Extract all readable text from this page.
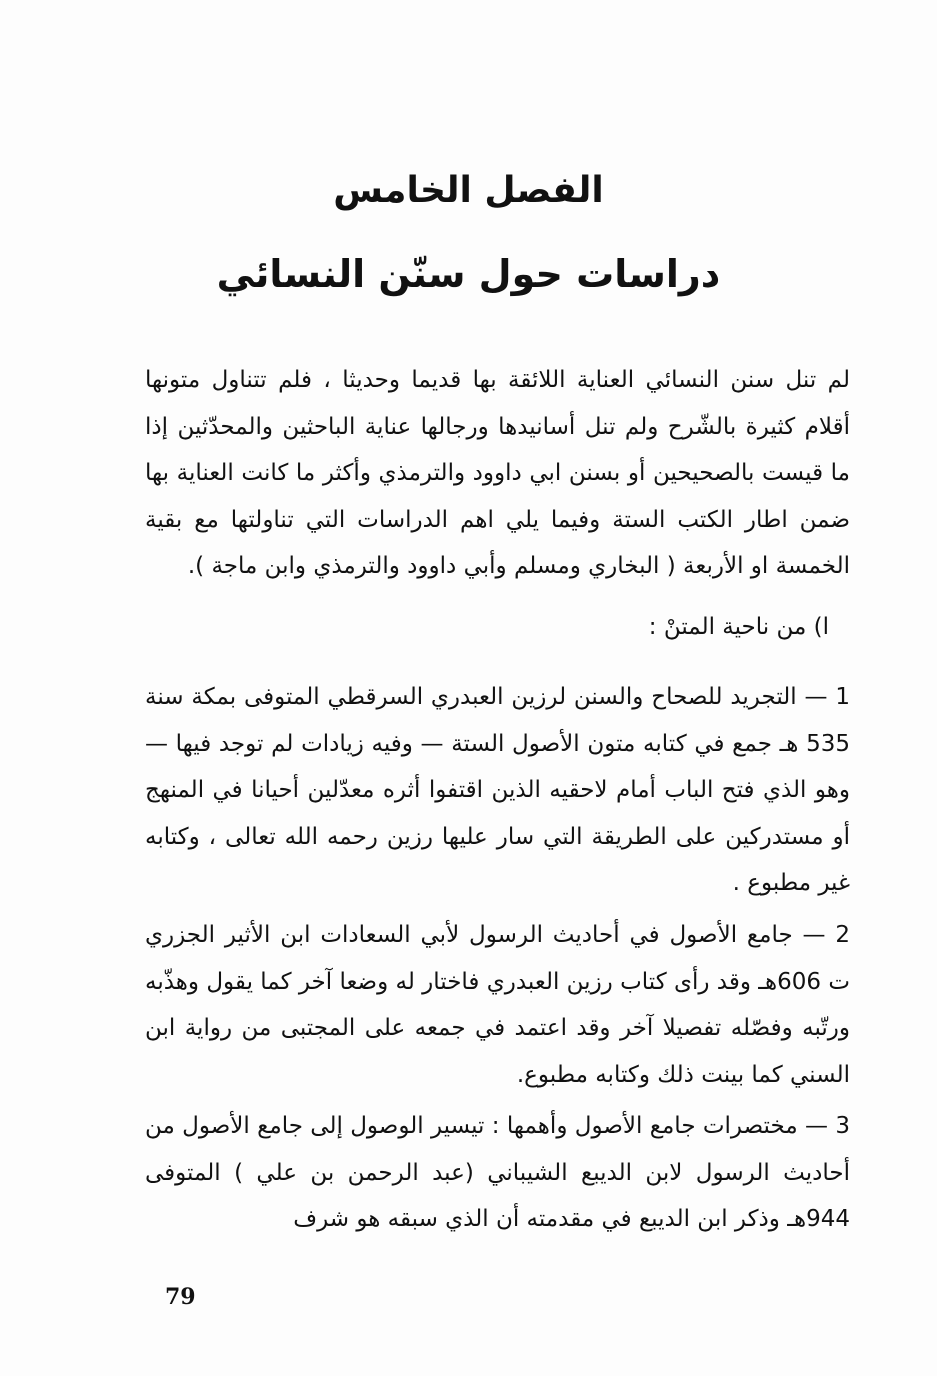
الفصل الخامس
دراسات حول سنّن النسائي

لم تنل سنن النسائي العناية اللائقة بها قديما وحديثا ، فلم تتناول متونها أقلام كثيرة بالشّرح ولم تنل أسانيدها ورجالها عناية الباحثين والمحدّثين إذا ما قيست بالصحيحين أو بسنن ابي داوود والترمذي وأكثر ما كانت العناية بها ضمن اطار الكتب الستة وفيما يلي اهم الدراسات التي تناولتها مع بقية الخمسة او الأربعة ( البخاري ومسلم وأبي داوود والترمذي وابن ماجة ).

ا) من ناحية المتنْ :

1 — التجريد للصحاح والسنن لرزين العبدري السرقطي المتوفى بمكة سنة 535 هـ جمع في كتابه متون الأصول الستة — وفيه زيادات لم توجد فيها — وهو الذي فتح الباب أمام لاحقيه الذين اقتفوا أثره معدّلين أحيانا في المنهج أو مستدركين على الطريقة التي سار عليها رزين رحمه الله تعالى ، وكتابه غير مطبوع .

2 — جامع الأصول في أحاديث الرسول لأبي السعادات ابن الأثير الجزري ت 606هـ وقد رأى كتاب رزين العبدري فاختار له وضعا آخر كما يقول وهذّبه ورتّبه وفصّله تفصيلا آخر وقد اعتمد في جمعه على المجتبى من رواية ابن السني كما بينت ذلك وكتابه مطبوع.

3 — مختصرات جامع الأصول وأهمها : تيسير الوصول إلى جامع الأصول من أحاديث الرسول لابن الديبع الشيباني (عبد الرحمن بن علي ) المتوفى 944هـ وذكر ابن الديبع في مقدمته أن الذي سبقه هو شرف

79
